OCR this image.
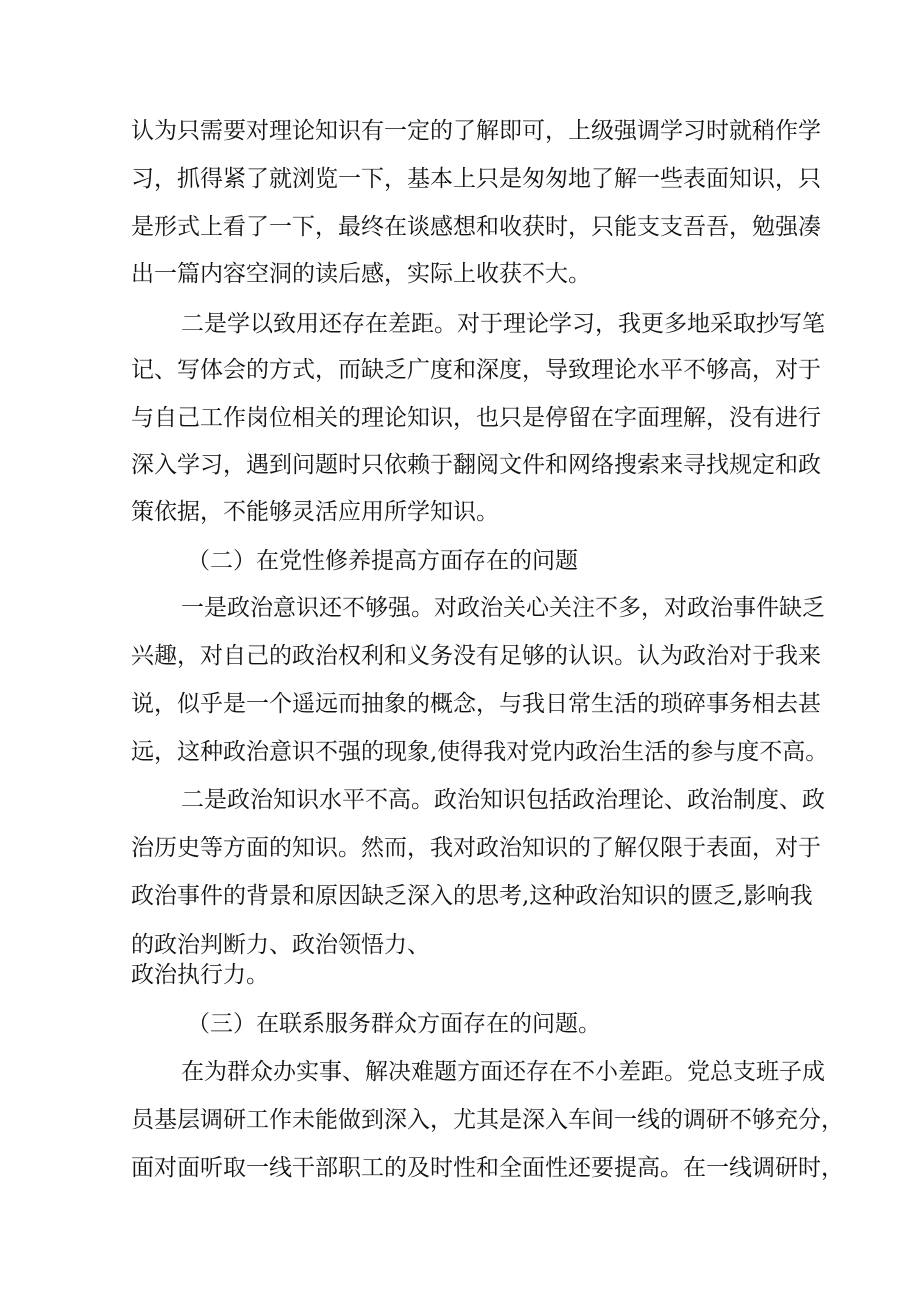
认为只需要对理论知识有一定的了解即可，上级强调学习时就稍作学
习，抓得紧了就浏览一下，基本上只是匆匆地了解一些表面知识，只
是形式上看了一下，最终在谈感想和收获时，只能支支吾吾，勉强凑
出一篇内容空洞的读后感，实际上收获不大。
二是学以致用还存在差距。对于理论学习，我更多地采取抄写笔
记、写体会的方式，而缺乏广度和深度，导致理论水平不够高，对于
与自己工作岗位相关的理论知识，也只是停留在字面理解，没有进行
深入学习，遇到问题时只依赖于翻阅文件和网络搜索来寻找规定和政
策依据，不能够灵活应用所学知识。
（二）在党性修养提高方面存在的问题
一是政治意识还不够强。对政治关心关注不多，对政治事件缺乏
兴趣，对自己的政治权利和义务没有足够的认识。认为政治对于我来
说，似乎是一个遥远而抽象的概念，与我日常生活的琐碎事务相去甚
远，这种政治意识不强的现象,使得我对党内政治生活的参与度不高。
二是政治知识水平不高。政治知识包括政治理论、政治制度、政
治历史等方面的知识。然而，我对政治知识的了解仅限于表面，对于
政治事件的背景和原因缺乏深入的思考,这种政治知识的匮乏,影响我
的政治判断力、政治领悟力、
政治执行力。
（三）在联系服务群众方面存在的问题。
在为群众办实事、解决难题方面还存在不小差距。党总支班子成
员基层调研工作未能做到深入，尤其是深入车间一线的调研不够充分，
面对面听取一线干部职工的及时性和全面性还要提高。在一线调研时，
